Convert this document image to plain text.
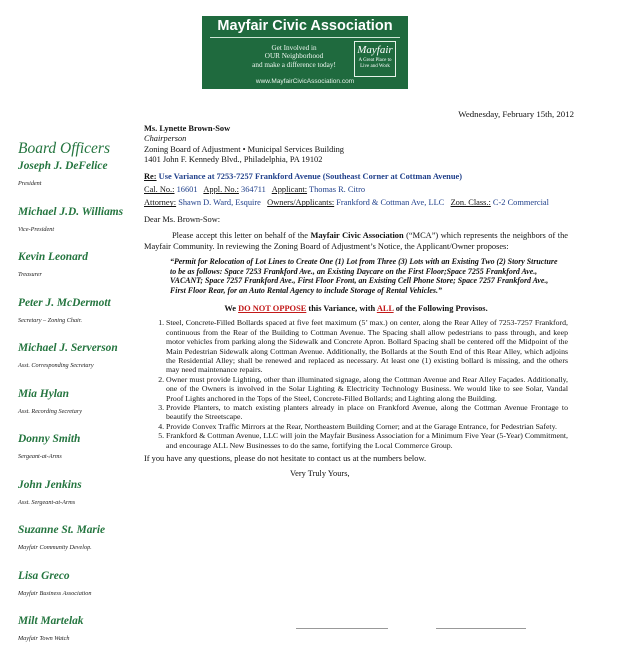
Mayfair Civic Association
Get Involved in
OUR Neighborhood
and make a difference today!
Mayfair
A Great Place to Live and Work
www.MayfairCivicAssociation.com
Wednesday, February 15th, 2012
Board Officers
Joseph J. DeFelice
President
Michael J.D. Williams
Vice-President
Kevin Leonard
Treasurer
Peter J. McDermott
Secretary – Zoning Chair.
Michael J. Serverson
Asst. Corresponding Secretary
Mia Hylan
Asst. Recording Secretary
Donny Smith
Sergeant-at-Arms
John Jenkins
Asst. Sergeant-at-Arms
Suzanne St. Marie
Mayfair Community Develop.
Lisa Greco
Mayfair Business Association
Milt Martelak
Mayfair Town Watch
Ms. Lynette Brown-Sow
Chairperson
Zoning Board of Adjustment • Municipal Services Building
1401 John F. Kennedy Blvd., Philadelphia, PA 19102
Re: Use Variance at 7253-7257 Frankford Avenue (Southeast Corner at Cottman Avenue)
Cal. No.: 16601 Appl. No.: 364711 Applicant: Thomas R. Citro
Attorney: Shawn D. Ward, Esquire Owners/Applicants: Frankford & Cottman Ave, LLC Zon. Class.: C-2 Commercial
Dear Ms. Brown-Sow:
Please accept this letter on behalf of the Mayfair Civic Association (“MCA”) which represents the neighbors of the Mayfair Community. In reviewing the Zoning Board of Adjustment’s Notice, the Applicant/Owner proposes:
“Permit for Relocation of Lot Lines to Create One (1) Lot from Three (3) Lots with an Existing Two (2) Story Structure to be as follows: Space 7253 Frankford Ave., an Existing Daycare on the First Floor;Space 7255 Frankford Ave., VACANT; Space 7257 Frankford Ave., First Floor Front, an Existing Cell Phone Store; Space 7257 Frankford Ave., First Floor Rear, for an Auto Rental Agency to include Storage of Rental Vehicles.”
We DO NOT OPPOSE this Variance, with ALL of the Following Provisos.
1. Steel, Concrete-Filled Bollards spaced at five feet maximum (5’ max.) on center, along the Rear Alley of 7253-7257 Frankford, continuous from the Rear of the Building to Cottman Avenue. The Spacing shall allow pedestrians to pass through, and keep motor vehicles from parking along the Sidewalk and Concrete Apron. Bollard Spacing shall be centered off the Midpoint of the Main Pedestrian Sidewalk along Cottman Avenue. Additionally, the Bollards at the South End of this Rear Alley, which adjoins the Residential Alley; shall be renewed and replaced as necessary. At least one (1) existing bollard is missing, and the others may need maintenance repairs.
2. Owner must provide Lighting, other than illuminated signage, along the Cottman Avenue and Rear Alley Façades. Additionally, one of the Owners is involved in the Solar Lighting & Electricity Technology Business. We would like to see Solar, Vandal Proof Lights anchored in the Tops of the Steel, Concrete-Filled Bollards; and Lighting along the Building.
3. Provide Planters, to match existing planters already in place on Frankford Avenue, along the Cottman Avenue Frontage to beautify the Streetscape.
4. Provide Convex Traffic Mirrors at the Rear, Northeastern Building Corner; and at the Garage Entrance, for Pedestrian Safety.
5. Frankford & Cottman Avenue, LLC will join the Mayfair Business Association for a Minimum Five Year (5-Year) Commitment, and encourage ALL New Businesses to do the same, fortifying the Local Commerce Group.
If you have any questions, please do not hesitate to contact us at the numbers below.
Very Truly Yours,
